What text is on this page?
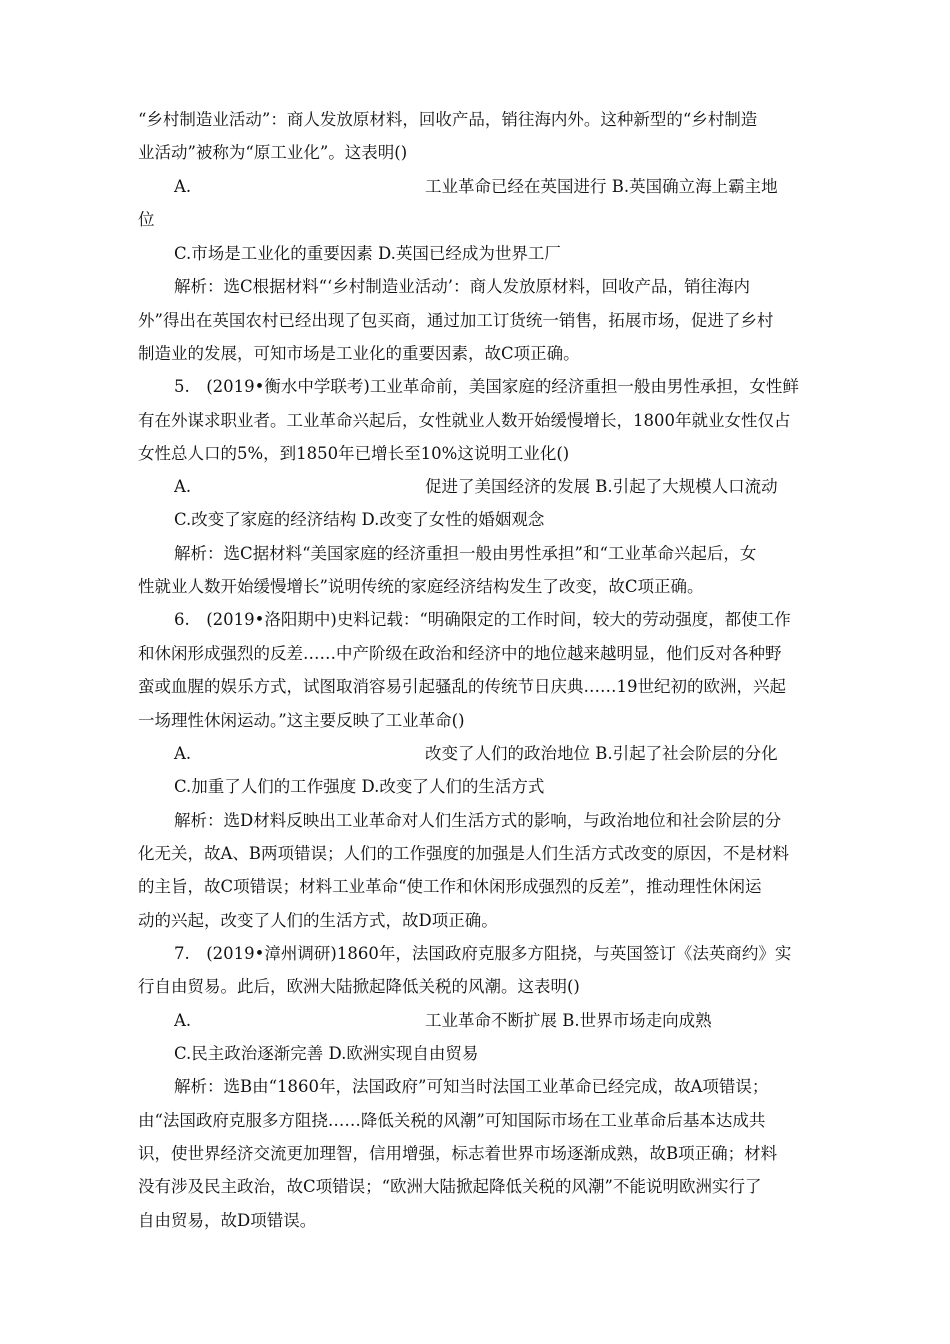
“乡村制造业活动”：商人发放原材料，回收产品，销往海内外。这种新型的“乡村制造
业活动”被称为“原工业化”。这表明()
A.	工业革命已经在英国进行 B.英国确立海上霸主地
位
C.市场是工业化的重要因素 D.英国已经成为世界工厂
解析：选C根据材料“‘乡村制造业活动’：商人发放原材料，回收产品，销往海内
外”得出在英国农村已经出现了包买商，通过加工订货统一销售，拓展市场，促进了乡村
制造业的发展，可知市场是工业化的重要因素，故C项正确。
5.　(2019•衡水中学联考)工业革命前，美国家庭的经济重担一般由男性承担，女性鲜
有在外谋求职业者。工业革命兴起后，女性就业人数开始缓慢增长，1800年就业女性仅占
女性总人口的5%，到1850年已增长至10%这说明工业化()
A.	促进了美国经济的发展 B.引起了大规模人口流动
C.改变了家庭的经济结构 D.改变了女性的婚姻观念
解析：选C据材料“美国家庭的经济重担一般由男性承担”和“工业革命兴起后，女
性就业人数开始缓慢增长”说明传统的家庭经济结构发生了改变，故C项正确。
6.　(2019•洛阳期中)史料记载：“明确限定的工作时间，较大的劳动强度，都使工作
和休闲形成强烈的反差……中产阶级在政治和经济中的地位越来越明显，他们反对各种野
蛮或血腥的娱乐方式，试图取消容易引起骚乱的传统节日庆典……19世纪初的欧洲，兴起
一场理性休闲运动。”这主要反映了工业革命()
A.	改变了人们的政治地位 B.引起了社会阶层的分化
C.加重了人们的工作强度 D.改变了人们的生活方式
解析：选D材料反映出工业革命对人们生活方式的影响，与政治地位和社会阶层的分
化无关，故A、B两项错误；人们的工作强度的加强是人们生活方式改变的原因，不是材料
的主旨，故C项错误；材料工业革命“使工作和休闲形成强烈的反差”，推动理性休闲运
动的兴起，改变了人们的生活方式，故D项正确。
7.　(2019•漳州调研)1860年，法国政府克服多方阻挠，与英国签订《法英商约》实
行自由贸易。此后，欧洲大陆掀起降低关税的风潮。这表明()
A.	工业革命不断扩展 B.世界市场走向成熟
C.民主政治逐渐完善 D.欧洲实现自由贸易
解析：选B由“1860年，法国政府”可知当时法国工业革命已经完成，故A项错误；
由“法国政府克服多方阻挠……降低关税的风潮”可知国际市场在工业革命后基本达成共
识，使世界经济交流更加理智，信用增强，标志着世界市场逐渐成熟，故B项正确；材料
没有涉及民主政治，故C项错误；“欧洲大陆掀起降低关税的风潮”不能说明欧洲实行了
自由贸易，故D项错误。
